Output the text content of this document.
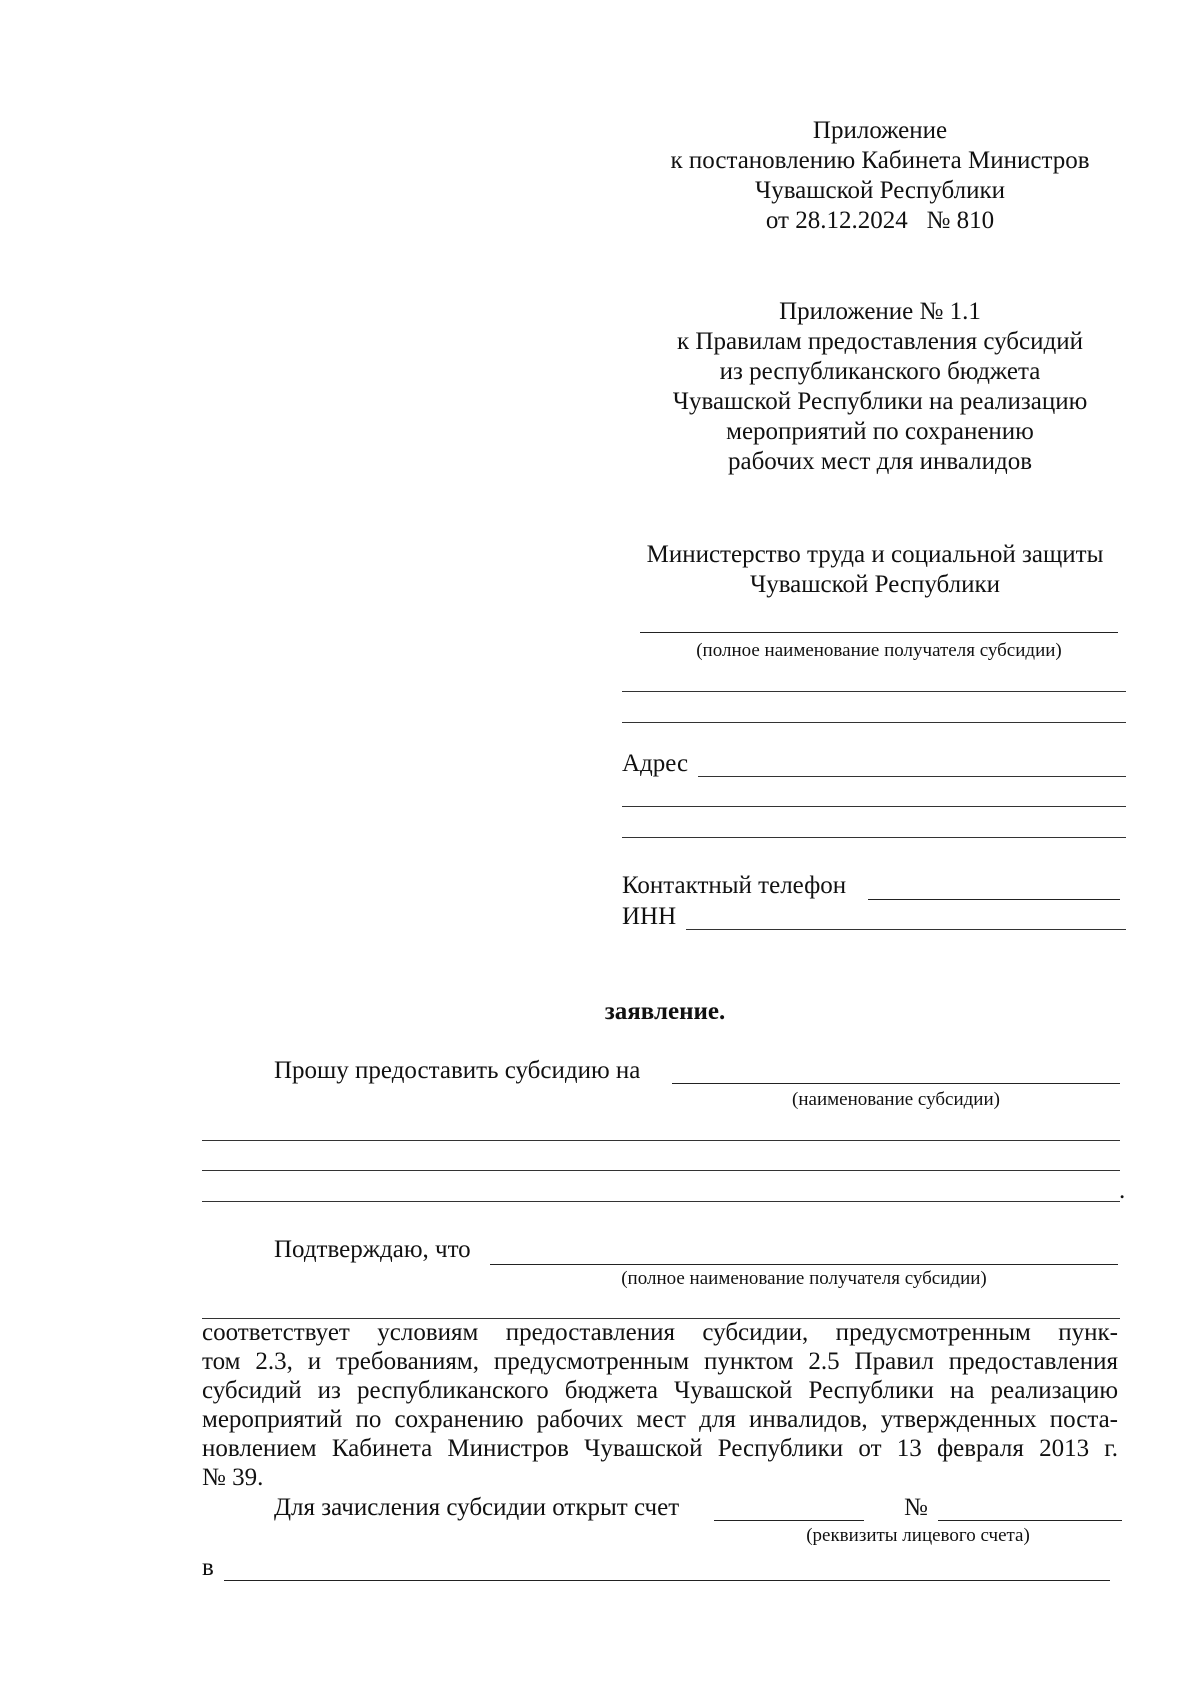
Приложение
к постановлению Кабинета Министров
Чувашской Республики
от 28.12.2024   № 810
Приложение № 1.1
к Правилам предоставления субсидий
из республиканского бюджета
Чувашской Республики на реализацию
мероприятий по сохранению
рабочих мест для инвалидов
Министерство труда и социальной защиты
Чувашской Республики
(полное наименование получателя субсидии)
Адрес
Контактный телефон
ИНН
заявление.
Прошу предоставить субсидию на
(наименование субсидии)
.
Подтверждаю, что
(полное наименование получателя субсидии)
соответствует условиям предоставления субсидии, предусмотренным пунк-
том 2.3, и требованиям, предусмотренным пунктом 2.5 Правил предоставления
субсидий из республиканского бюджета Чувашской Республики на реализацию
мероприятий по сохранению рабочих мест для инвалидов, утвержденных поста-
новлением Кабинета Министров Чувашской Республики от 13 февраля 2013 г.
№ 39.
Для зачисления субсидии открыт счет	№
(реквизиты лицевого счета)
в
